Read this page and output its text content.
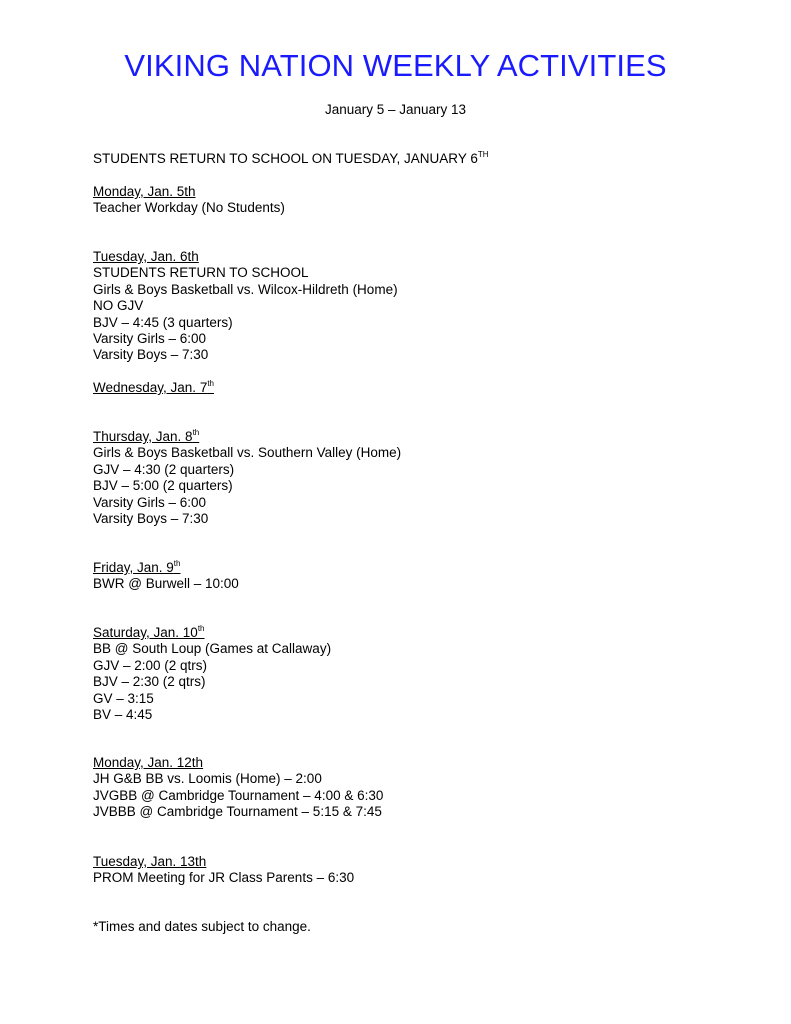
VIKING NATION WEEKLY ACTIVITIES
January 5 – January 13
STUDENTS RETURN TO SCHOOL ON TUESDAY, JANUARY 6TH
Monday, Jan. 5th
Teacher Workday (No Students)
Tuesday, Jan. 6th
STUDENTS RETURN TO SCHOOL
Girls & Boys Basketball vs. Wilcox-Hildreth (Home)
NO GJV
BJV – 4:45 (3 quarters)
Varsity Girls – 6:00
Varsity Boys – 7:30
Wednesday, Jan. 7th
Thursday, Jan. 8th
Girls & Boys Basketball vs. Southern Valley (Home)
GJV – 4:30 (2 quarters)
BJV – 5:00 (2 quarters)
Varsity Girls – 6:00
Varsity Boys – 7:30
Friday, Jan. 9th
BWR @ Burwell – 10:00
Saturday, Jan. 10th
BB @ South Loup (Games at Callaway)
GJV – 2:00 (2 qtrs)
BJV – 2:30 (2 qtrs)
GV – 3:15
BV – 4:45
Monday, Jan. 12th
JH G&B BB vs. Loomis (Home) – 2:00
JVGBB @ Cambridge Tournament – 4:00 & 6:30
JVBBB @ Cambridge Tournament – 5:15 & 7:45
Tuesday, Jan. 13th
PROM Meeting for JR Class Parents – 6:30
*Times and dates subject to change.
